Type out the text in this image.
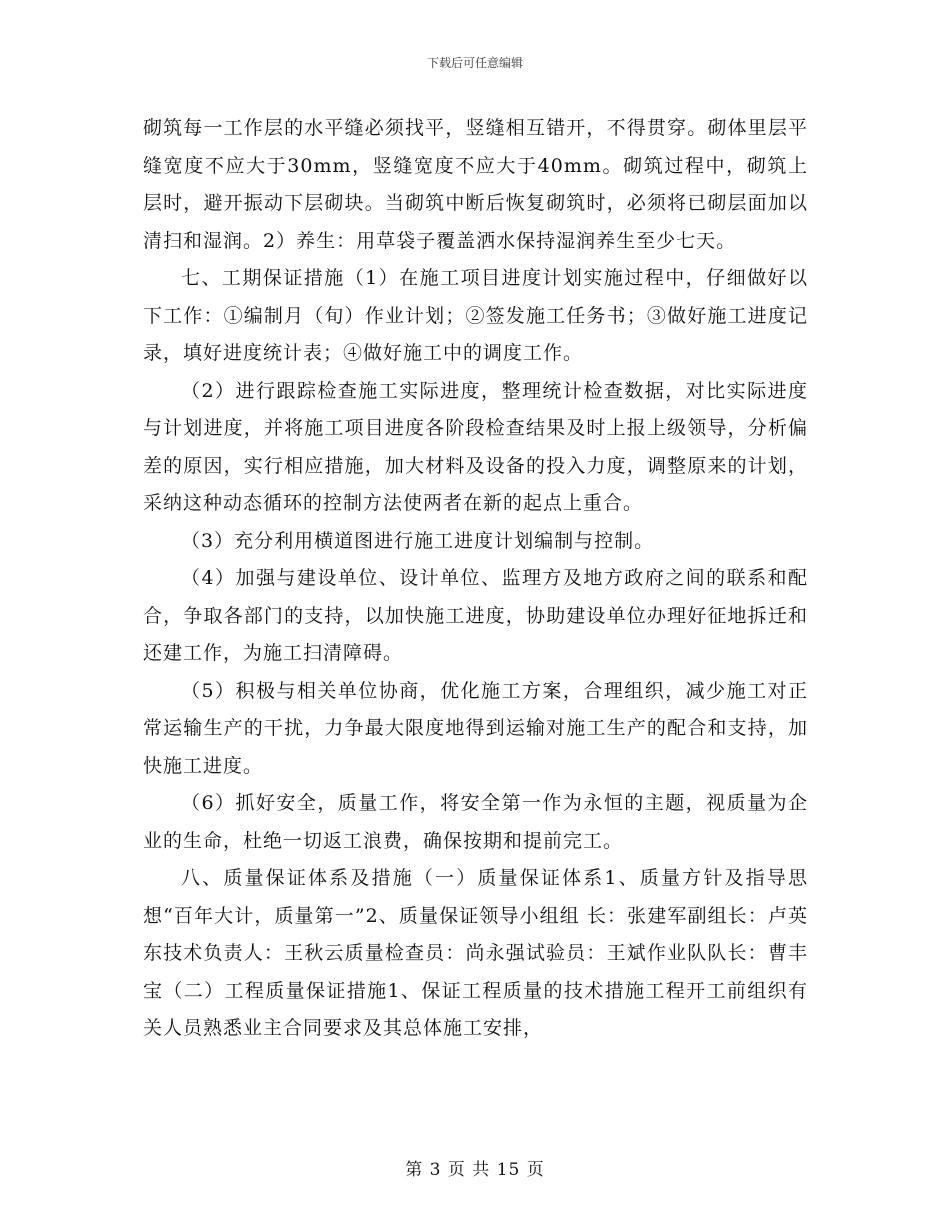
下载后可任意编辑

砌筑每一工作层的水平缝必须找平，竖缝相互错开，不得贯穿。砌体里层平缝宽度不应大于30mm，竖缝宽度不应大于40mm。砌筑过程中，砌筑上层时，避开振动下层砌块。当砌筑中断后恢复砌筑时，必须将已砌层面加以清扫和湿润。2）养生：用草袋子覆盖洒水保持湿润养生至少七天。

七、工期保证措施（1）在施工项目进度计划实施过程中，仔细做好以下工作：①编制月（旬）作业计划；②签发施工任务书；③做好施工进度记录，填好进度统计表；④做好施工中的调度工作。

（2）进行跟踪检查施工实际进度，整理统计检查数据，对比实际进度与计划进度，并将施工项目进度各阶段检查结果及时上报上级领导，分析偏差的原因，实行相应措施，加大材料及设备的投入力度，调整原来的计划，采纳这种动态循环的控制方法使两者在新的起点上重合。

（3）充分利用横道图进行施工进度计划编制与控制。

（4）加强与建设单位、设计单位、监理方及地方政府之间的联系和配合，争取各部门的支持，以加快施工进度，协助建设单位办理好征地拆迁和还建工作，为施工扫清障碍。

（5）积极与相关单位协商，优化施工方案，合理组织，减少施工对正常运输生产的干扰，力争最大限度地得到运输对施工生产的配合和支持，加快施工进度。

（6）抓好安全，质量工作，将安全第一作为永恒的主题，视质量为企业的生命，杜绝一切返工浪费，确保按期和提前完工。

八、质量保证体系及措施（一）质量保证体系1、质量方针及指导思想“百年大计，质量第一”2、质量保证领导小组组 长：张建军副组长：卢英东技术负责人：王秋云质量检查员：尚永强试验员：王斌作业队队长：曹丰宝（二）工程质量保证措施1、保证工程质量的技术措施工程开工前组织有关人员熟悉业主合同要求及其总体施工安排，

第 3 页 共 15 页
